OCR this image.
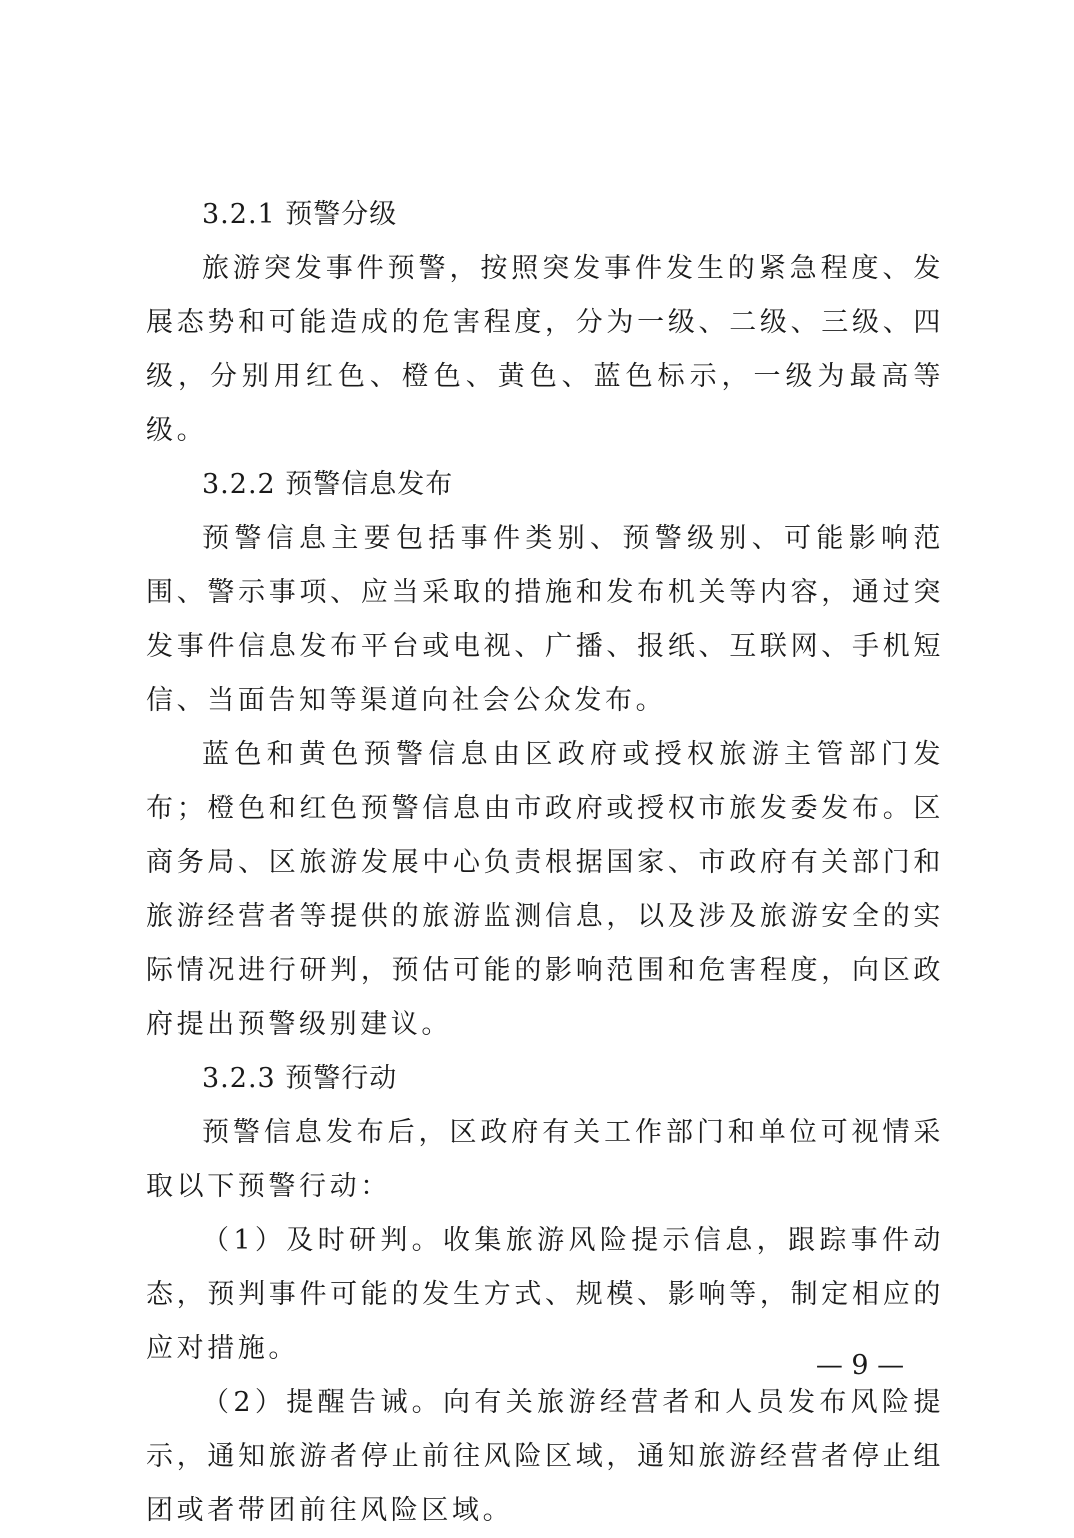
3.2.1 预警分级

旅游突发事件预警，按照突发事件发生的紧急程度、发展态势和可能造成的危害程度，分为一级、二级、三级、四级，分别用红色、橙色、黄色、蓝色标示，一级为最高等级。

3.2.2 预警信息发布

预警信息主要包括事件类别、预警级别、可能影响范围、警示事项、应当采取的措施和发布机关等内容，通过突发事件信息发布平台或电视、广播、报纸、互联网、手机短信、当面告知等渠道向社会公众发布。

蓝色和黄色预警信息由区政府或授权旅游主管部门发布；橙色和红色预警信息由市政府或授权市旅发委发布。区商务局、区旅游发展中心负责根据国家、市政府有关部门和旅游经营者等提供的旅游监测信息，以及涉及旅游安全的实际情况进行研判，预估可能的影响范围和危害程度，向区政府提出预警级别建议。

3.2.3 预警行动

预警信息发布后，区政府有关工作部门和单位可视情采取以下预警行动：

（1）及时研判。收集旅游风险提示信息，跟踪事件动态，预判事件可能的发生方式、规模、影响等，制定相应的应对措施。

（2）提醒告诫。向有关旅游经营者和人员发布风险提示，通知旅游者停止前往风险区域，通知旅游经营者停止组团或者带团前往风险区域。

— 9 —
